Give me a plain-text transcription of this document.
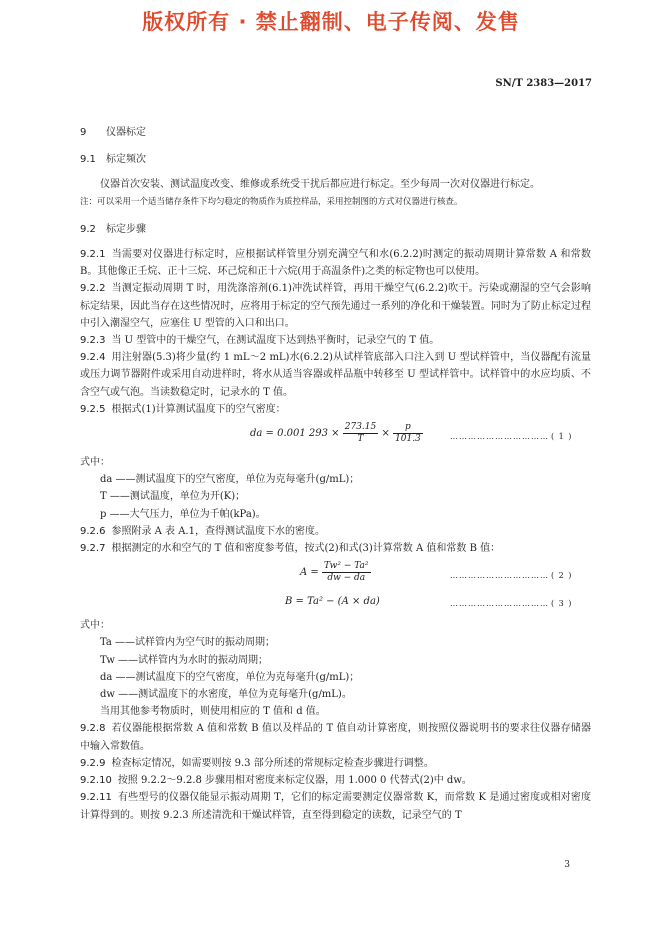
版权所有 · 禁止翻制、电子传阅、发售
SN/T 2383—2017
9 仪器标定
9.1 标定频次

仪器首次安装、测试温度改变、维修或系统受干扰后都应进行标定。至少每周一次对仪器进行标定。

注：可以采用一个适当储存条件下均匀稳定的物质作为质控样品，采用控制图的方式对仪器进行核查。

9.2 标定步骤

9.2.1 当需要对仪器进行标定时，应根据试样管里分别充满空气和水(6.2.2)时测定的振动周期计算常数 A 和常数 B。其他像正壬烷、正十三烷、环己烷和正十六烷(用于高温条件)之类的标定物也可以使用。

9.2.2 当测定振动周期 T 时，用洗涤溶剂(6.1)冲洗试样管，再用干燥空气(6.2.2)吹干。污染或潮湿的空气会影响标定结果，因此当存在这些情况时，应将用于标定的空气预先通过一系列的净化和干燥装置。同时为了防止标定过程中引入潮湿空气，应塞住 U 型管的入口和出口。

9.2.3 当 U 型管中的干燥空气，在测试温度下达到热平衡时，记录空气的 T 值。

9.2.4 用注射器(5.3)将少量(约 1 mL～2 mL)水(6.2.2)从试样管底部入口注入到 U 型试样管中，当仪器配有流量或压力调节器附件或采用自动进样时，将水从适当容器或样品瓶中转移至 U 型试样管中。试样管中的水应均质、不含空气或气泡。当读数稳定时，记录水的 T 值。

9.2.5 根据式(1)计算测试温度下的空气密度：

da = 0.001 $293 \times \frac{273.15}{T} \times \frac{p}{101.3}$	…………………………… ( 1 )

式中：

da ——测试温度下的空气密度，单位为克每毫升(g/mL)；

T ——测试温度，单位为开(K)；

p ——大气压力，单位为千帕(kPa)。

9.2.6 参照附录 A 表 A.1，查得测试温度下水的密度。

9.2.7 根据测定的水和空气的 T 值和密度参考值，按式(2)和式(3)计算常数 A 值和常数 B 值：

$A = \frac{\text{Tw² − Ta²}}{dw - da}$	…………………………… ( 2 )
B = Ta² − (A × da)	…………………………… ( 3 )

式中：

Ta ——试样管内为空气时的振动周期；

Tw ——试样管内为水时的振动周期；

da ——测试温度下的空气密度，单位为克每毫升(g/mL)；

dw ——测试温度下的水密度，单位为克每毫升(g/mL)。

当用其他参考物质时，则使用相应的 T 值和 d 值。

9.2.8 若仪器能根据常数 A 值和常数 B 值以及样品的 T 值自动计算密度，则按照仪器说明书的要求往仪器存储器中输入常数值。

9.2.9 检查标定情况，如需要则按 9.3 部分所述的常规标定检查步骤进行调整。

9.2.10 按照 9.2.2～9.2.8 步骤用相对密度来标定仪器，用 1.000 0 代替式(2)中 dw。

9.2.11 有些型号的仪器仅能显示振动周期 T，它们的标定需要测定仪器常数 K，而常数 K 是通过密度或相对密度计算得到的。则按 9.2.3 所述清洗和干燥试样管，直至得到稳定的读数，记录空气的 T

3
